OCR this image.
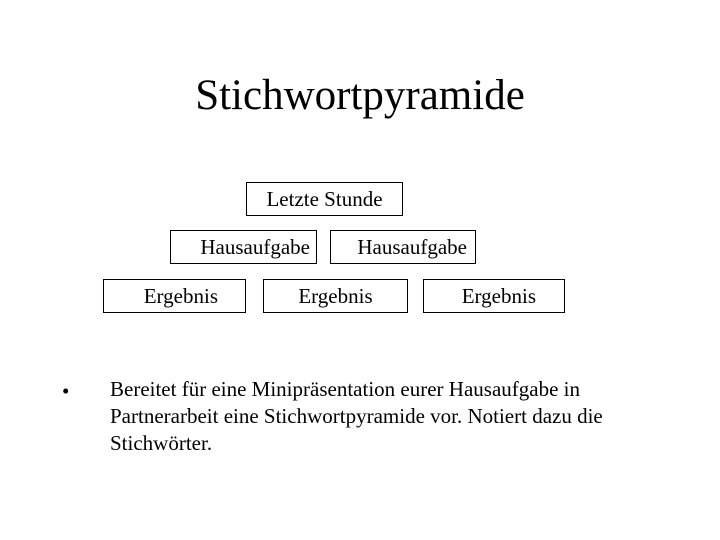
Stichwortpyramide
Letzte Stunde
Hausaufgabe	Hausaufgabe
Ergebnis	Ergebnis	Ergebnis
• Bereitet für eine Minipräsentation eurer Hausaufgabe in Partnerarbeit eine Stichwortpyramide vor. Notiert dazu die Stichwörter.
